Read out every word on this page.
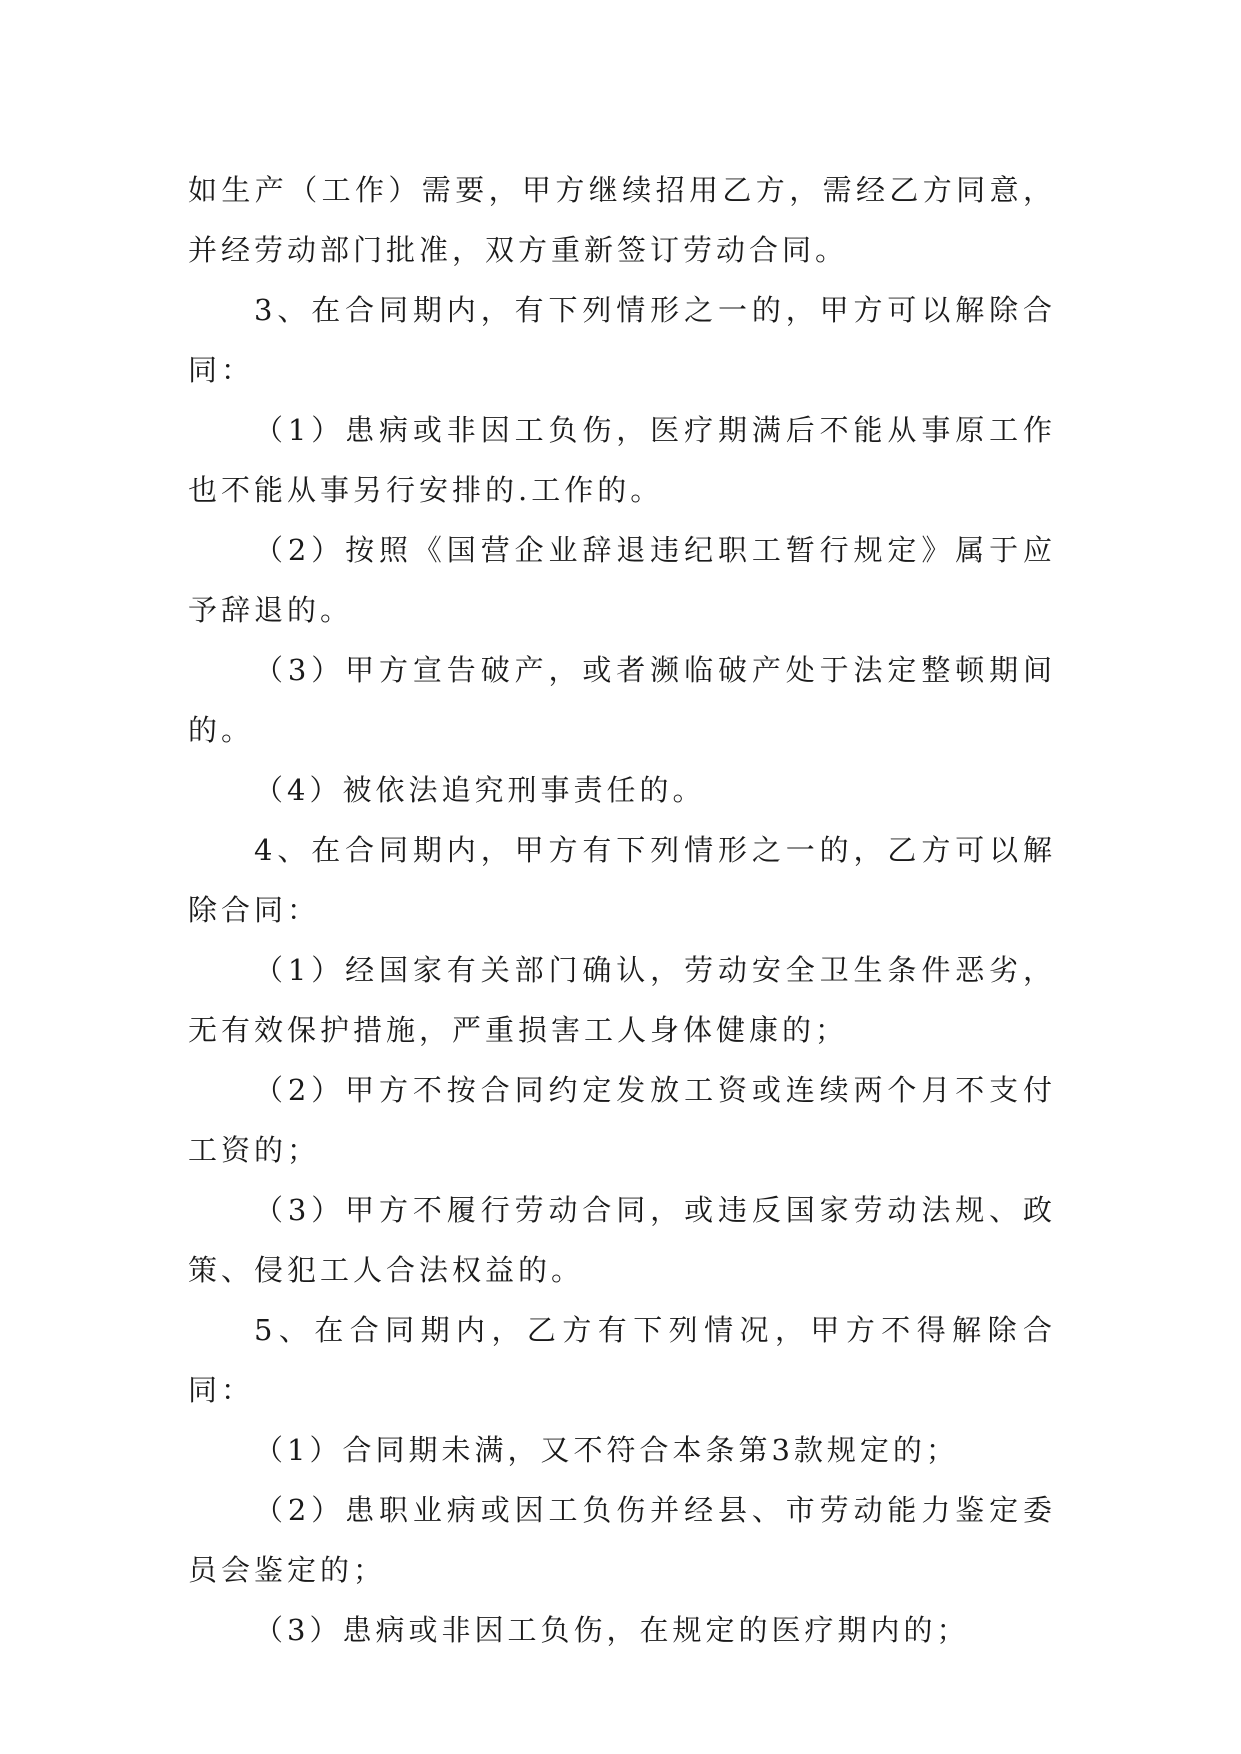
如生产（工作）需要，甲方继续招用乙方，需经乙方同意，并经劳动部门批准，双方重新签订劳动合同。

3、在合同期内，有下列情形之一的，甲方可以解除合同：

（1）患病或非因工负伤，医疗期满后不能从事原工作也不能从事另行安排的.工作的。

（2）按照《国营企业辞退违纪职工暂行规定》属于应予辞退的。

（3）甲方宣告破产，或者濒临破产处于法定整顿期间的。

（4）被依法追究刑事责任的。

4、在合同期内，甲方有下列情形之一的，乙方可以解除合同：

（1）经国家有关部门确认，劳动安全卫生条件恶劣，无有效保护措施，严重损害工人身体健康的；

（2）甲方不按合同约定发放工资或连续两个月不支付工资的；

（3）甲方不履行劳动合同，或违反国家劳动法规、政策、侵犯工人合法权益的。

5、在合同期内，乙方有下列情况，甲方不得解除合同：

（1）合同期未满，又不符合本条第3款规定的；

（2）患职业病或因工负伤并经县、市劳动能力鉴定委员会鉴定的；

（3）患病或非因工负伤，在规定的医疗期内的；
